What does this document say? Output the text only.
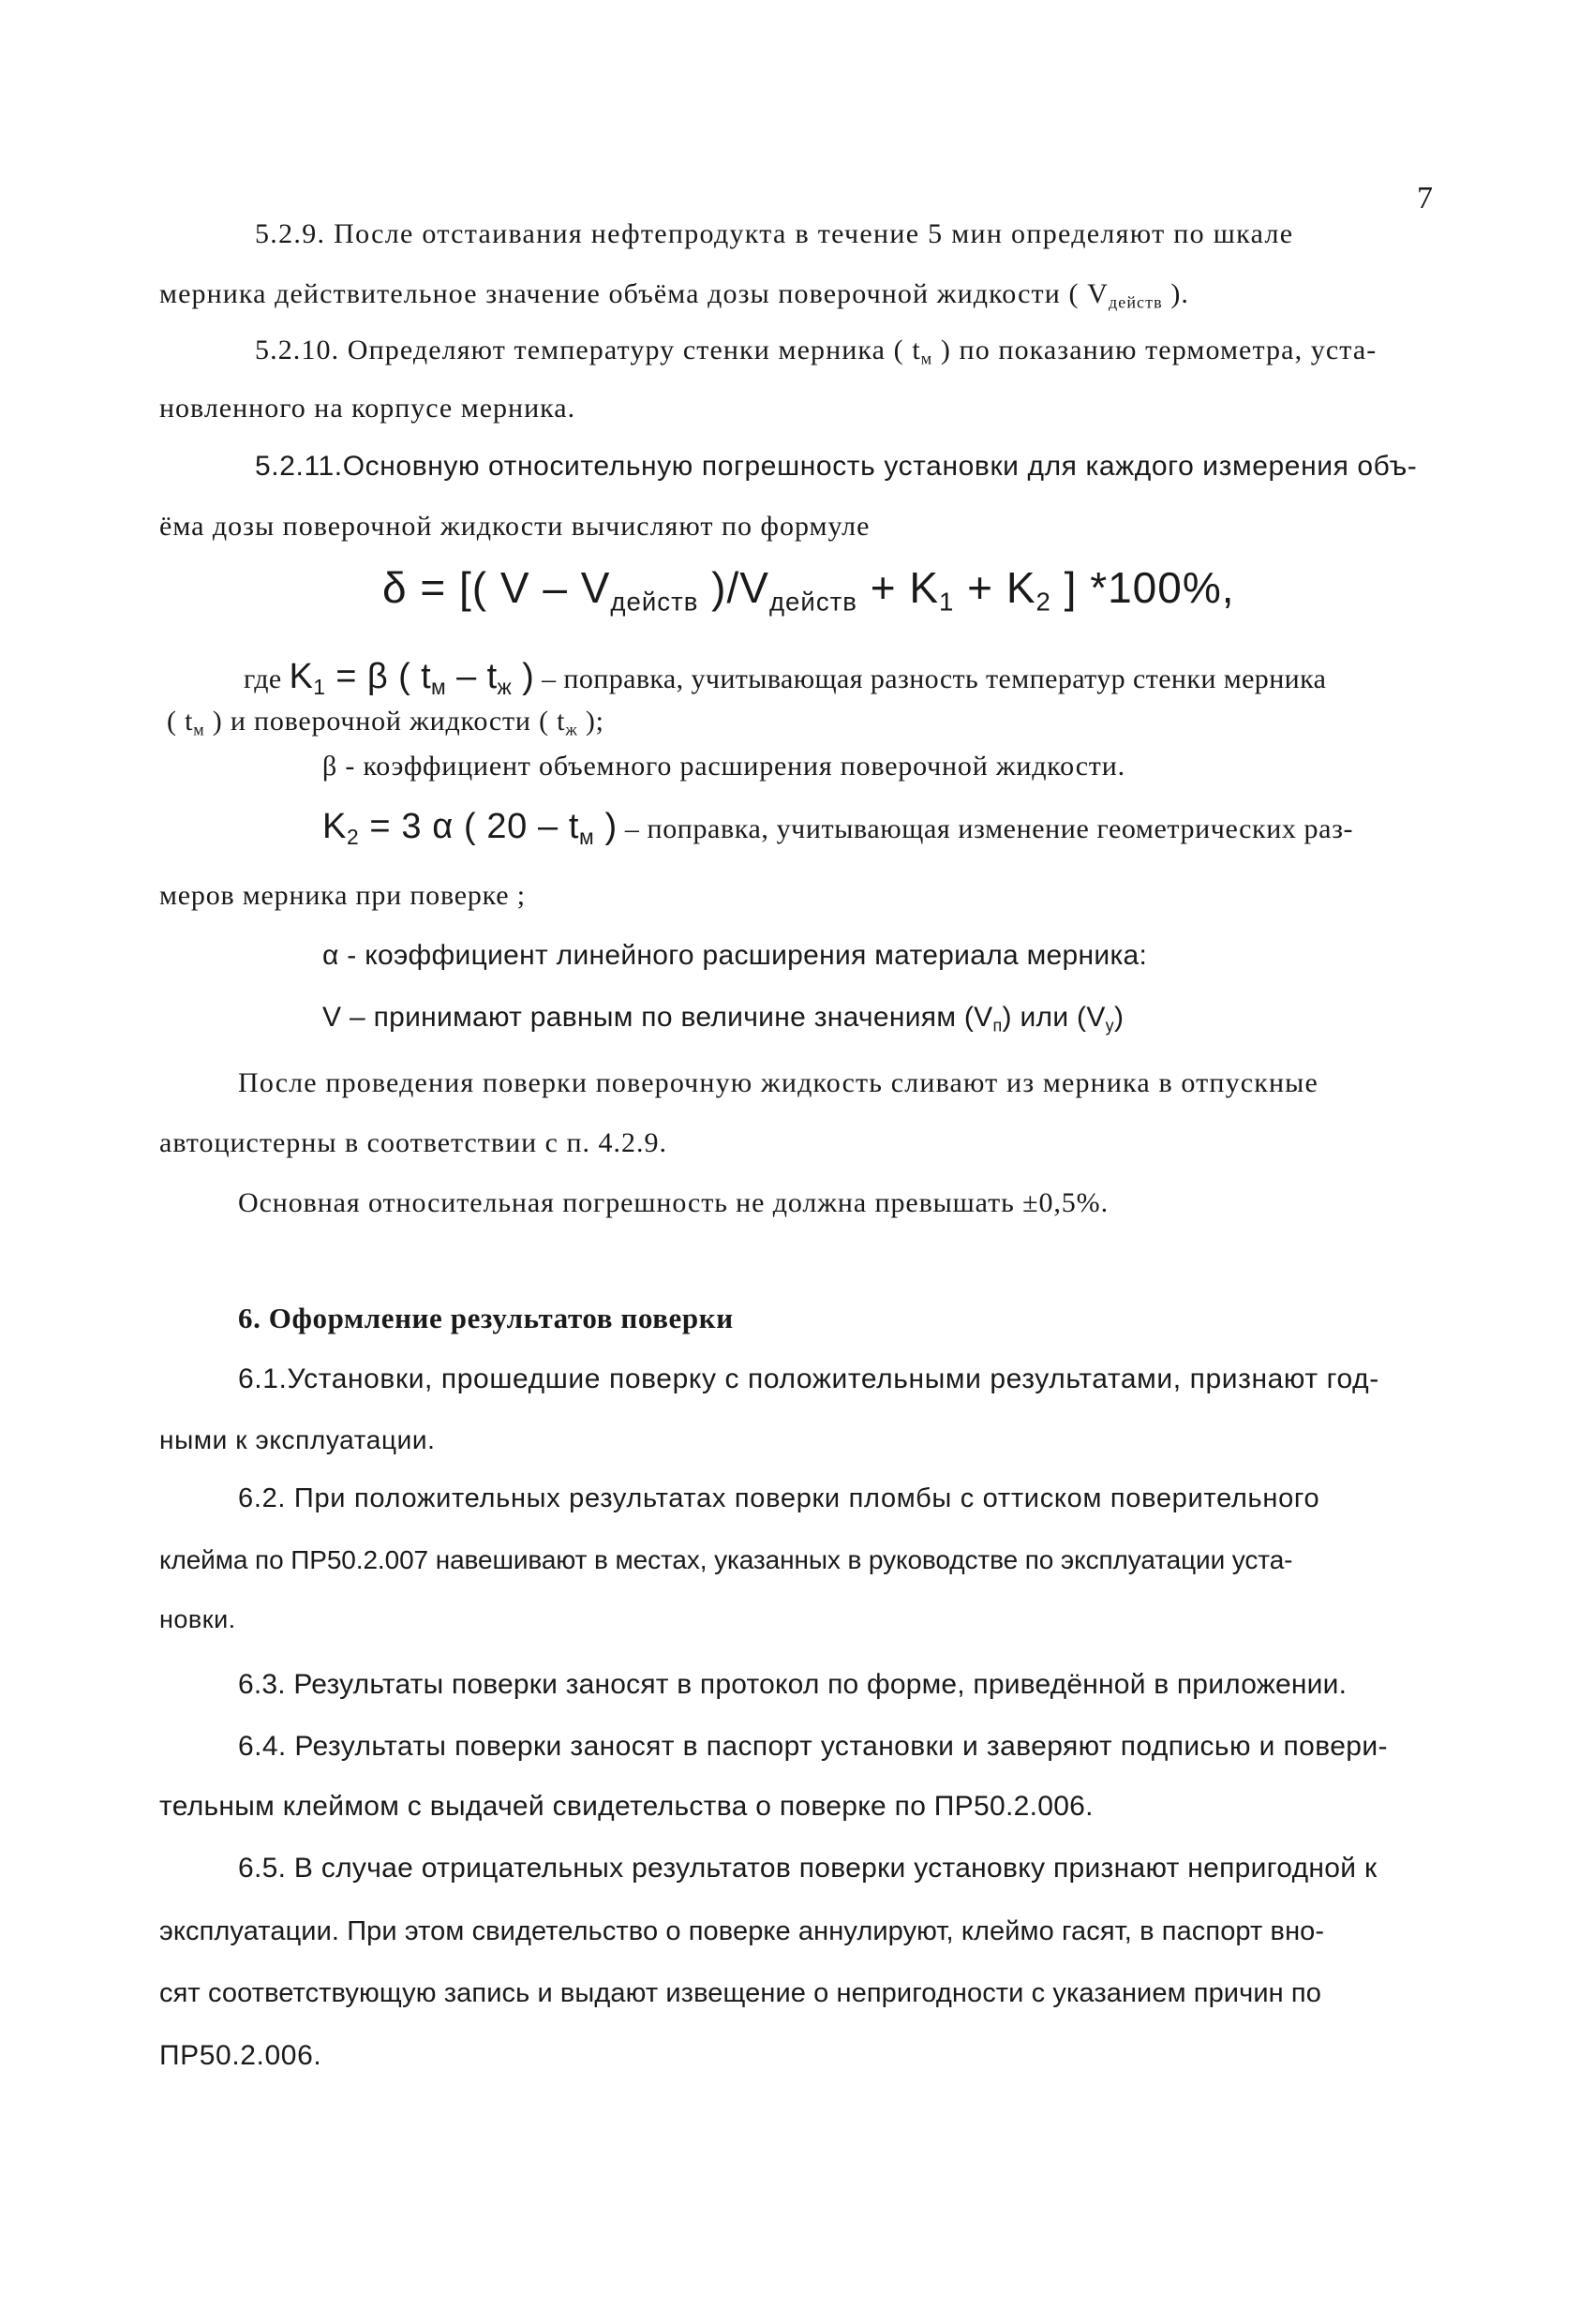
7
5.2.9. После отстаивания нефтепродукта в течение 5 мин определяют по шкале
мерника действительное значение объёма дозы поверочной жидкости ( $V_{действ}$ ).
5.2.10. Определяют температуру стенки мерника ( $t_м$ ) по показанию термометра, уста-
новленного на корпусе мерника.
5.2.11.Основную относительную погрешность установки для каждого измерения объ-
ёма дозы поверочной жидкости вычисляют по формуле
δ = [( V – $V_{действ}$ )$/V_{действ} + K_1 + K_2$ ] *100%,
где $K_1 = \beta$ ( $t_м - t_ж$ ) – поправка, учитывающая разность температур стенки мерника
( $t_м$ ) и поверочной жидкости ( $t_ж$ );
β - коэффициент объемного расширения поверочной жидкости.
$K_2 = 3$ α ( $20 - t_м$ ) – поправка, учитывающая изменение геометрических раз-
меров мерника при поверке ;
α - коэффициент линейного расширения материала мерника:
V – принимают равным по величине значениям $(V_п)$ или $(V_у)$
После проведения поверки поверочную жидкость сливают из мерника в отпускные
автоцистерны в соответствии с п. 4.2.9.
Основная относительная погрешность не должна превышать ±0,5%.
6. Оформление результатов поверки
6.1.Установки, прошедшие поверку с положительными результатами, признают год-
ными к эксплуатации.
6.2. При положительных результатах поверки пломбы с оттиском поверительного
клейма по ПР50.2.007 навешивают в местах, указанных в руководстве по эксплуатации уста-
новки.
6.3. Результаты поверки заносят в протокол по форме, приведённой в приложении.
6.4. Результаты поверки заносят в паспорт установки и заверяют подписью и повери-
тельным клеймом с выдачей свидетельства о поверке по ПР50.2.006.
6.5. В случае отрицательных результатов поверки установку признают непригодной к
эксплуатации. При этом свидетельство о поверке аннулируют, клеймо гасят, в паспорт вно-
сят соответствующую запись и выдают извещение о непригодности с указанием причин по
ПР50.2.006.
